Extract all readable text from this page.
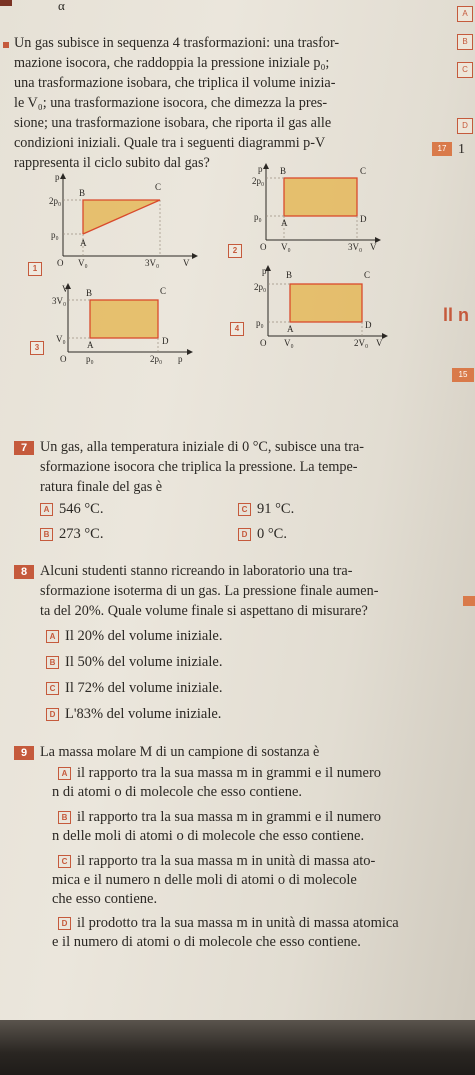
α
Un gas subisce in sequenza 4 trasformazioni: una trasfor-
mazione isocora, che raddoppia la pressione iniziale p₀;
una trasformazione isobara, che triplica il volume inizia-
le V₀; una trasformazione isocora, che dimezza la pres-
sione; una trasformazione isobara, che riporta il gas alle
condizioni iniziali. Quale tra i seguenti diagrammi p-V
rappresenta il ciclo subito dal gas?
1
p
2p₀
p₀
O
A
B
C
V₀	3V₀	V
2
p
2p₀
p₀
O
B	C
D
A
V₀	3V₀ V
3
V
3V₀
V₀
O
B	C
D
A
p₀	2p₀ p
4
p
2p₀
p₀
O
B	C
D
A
V₀	2V₀ V
7 Un gas, alla temperatura iniziale di 0 °C, subisce una tra-
sformazione isocora che triplica la pressione. La tempe-
ratura finale del gas è
A 546 °C.
B 273 °C.
C 91 °C.
D 0 °C.
8 Alcuni studenti stanno ricreando in laboratorio una tra-
sformazione isoterma di un gas. La pressione finale aumen-
ta del 20%. Quale volume finale si aspettano di misurare?
A Il 20% del volume iniziale.
B Il 50% del volume iniziale.
C Il 72% del volume iniziale.
D L'83% del volume iniziale.
9 La massa molare M di un campione di sostanza è
A il rapporto tra la sua massa m in grammi e il numero
n di atomi o di molecole che esso contiene.
B il rapporto tra la sua massa m in grammi e il numero
n delle moli di atomi o di molecole che esso contiene.
C il rapporto tra la sua massa m in unità di massa ato-
mica e il numero n delle moli di atomi o di molecole
che esso contiene.
D il prodotto tra la sua massa m in unità di massa atomica
e il numero di atomi o di molecole che esso contiene.
A
B
C
D
17 1
ll n
15
